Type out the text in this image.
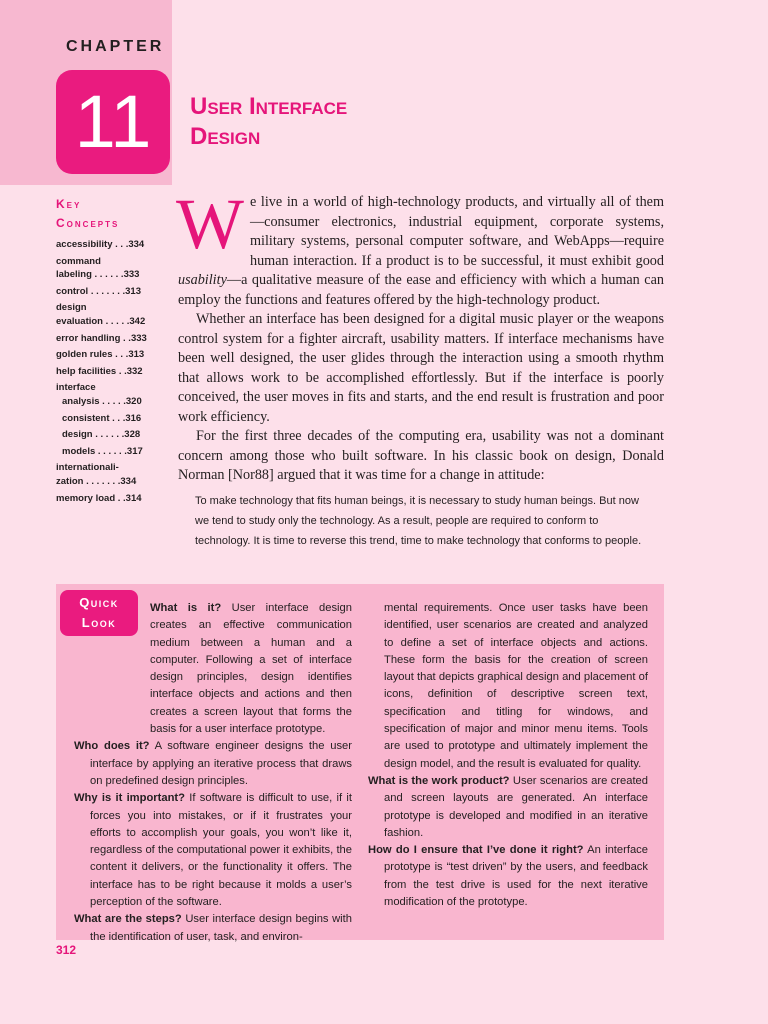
CHAPTER
11 User Interface
Design
Key
Concepts
accessibility . . .334
command
labeling . . . . . .333
control . . . . . . .313
design
evaluation . . . . .342
error handling . .333
golden rules . . .313
help facilities . .332
interface
analysis . . . . .320
consistent . . .316
design . . . . . .328
models . . . . . .317
internationali-
zation . . . . . . .334
memory load . .314

We live in a world of high-technology products, and virtually all of them—consumer electronics, industrial equipment, corporate systems, military systems, personal computer software, and WebApps—require human interaction. If a product is to be successful, it must exhibit good usability—a qualitative measure of the ease and efficiency with which a human can employ the functions and features offered by the high-technology product.

Whether an interface has been designed for a digital music player or the weapons control system for a fighter aircraft, usability matters. If interface mechanisms have been well designed, the user glides through the interaction using a smooth rhythm that allows work to be accomplished effortlessly. But if the interface is poorly conceived, the user moves in fits and starts, and the end result is frustration and poor work efficiency.

For the first three decades of the computing era, usability was not a dominant concern among those who built software. In his classic book on design, Donald Norman [Nor88] argued that it was time for a change in attitude:

To make technology that fits human beings, it is necessary to study human beings. But now we tend to study only the technology. As a result, people are required to conform to technology. It is time to reverse this trend, time to make technology that conforms to people.
Quick
Look

What is it? User interface design creates an effective communication medium between a human and a computer. Following a set of interface design principles, design identifies interface objects and actions and then creates a screen layout that forms the basis for a user interface prototype.

Who does it? A software engineer designs the user interface by applying an iterative process that draws on predefined design principles.

Why is it important? If software is difficult to use, if it forces you into mistakes, or if it frustrates your efforts to accomplish your goals, you won’t like it, regardless of the computational power it exhibits, the content it delivers, or the functionality it offers. The interface has to be right because it molds a user’s perception of the software.

What are the steps? User interface design begins with the identification of user, task, and environ-

mental requirements. Once user tasks have been identified, user scenarios are created and analyzed to define a set of interface objects and actions. These form the basis for the creation of screen layout that depicts graphical design and placement of icons, definition of descriptive screen text, specification and titling for windows, and specification of major and minor menu items. Tools are used to prototype and ultimately implement the design model, and the result is evaluated for quality.

What is the work product? User scenarios are created and screen layouts are generated. An interface prototype is developed and modified in an iterative fashion.

How do I ensure that I’ve done it right? An interface prototype is “test driven” by the users, and feedback from the test drive is used for the next iterative modification of the prototype.

312
